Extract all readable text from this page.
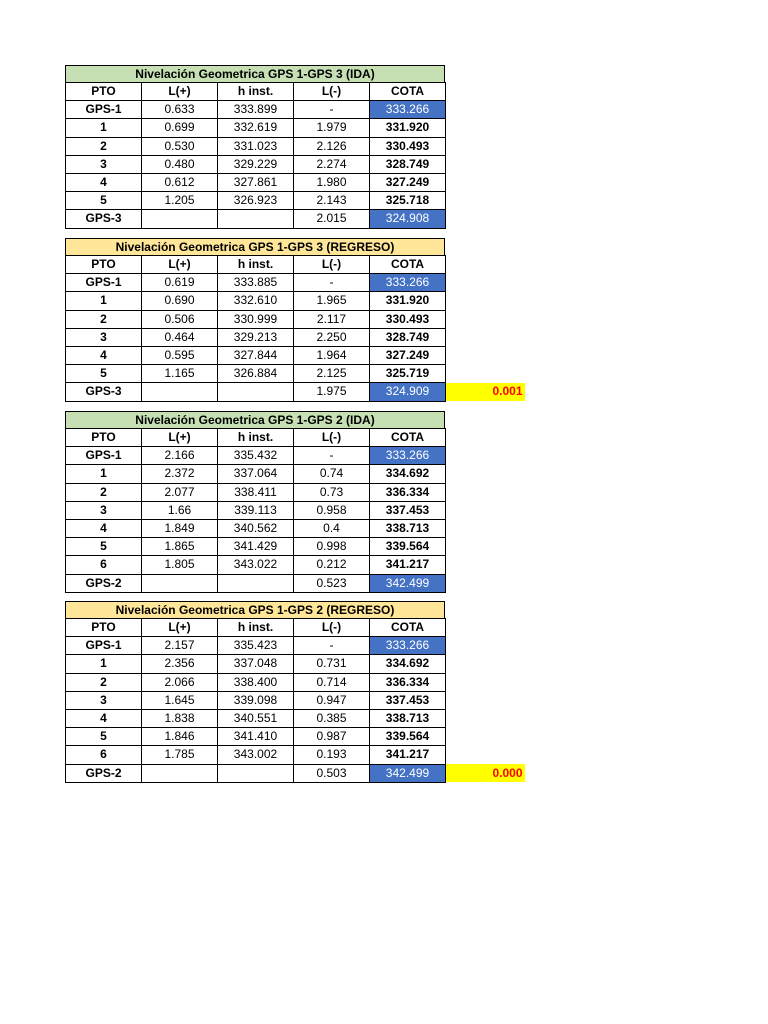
Nivelación Geometrica GPS 1-GPS 3 (IDA)
PTO	L(+)	h inst.	L(-)	COTA	
GPS-1	0.633	333.899	-	333.266	
1	0.699	332.619	1.979	331.920	
2	0.530	331.023	2.126	330.493	
3	0.480	329.229	2.274	328.749	
4	0.612	327.861	1.980	327.249	
5	1.205	326.923	2.143	325.718	
GPS-3			2.015	324.908	
Nivelación Geometrica GPS 1-GPS 3 (REGRESO)
PTO	L(+)	h inst.	L(-)	COTA	
GPS-1	0.619	333.885	-	333.266	
1	0.690	332.610	1.965	331.920	
2	0.506	330.999	2.117	330.493	
3	0.464	329.213	2.250	328.749	
4	0.595	327.844	1.964	327.249	
5	1.165	326.884	2.125	325.719	
GPS-3			1.975	324.909	0.001
Nivelación Geometrica GPS 1-GPS 2 (IDA)
PTO	L(+)	h inst.	L(-)	COTA	
GPS-1	2.166	335.432	-	333.266	
1	2.372	337.064	0.74	334.692	
2	2.077	338.411	0.73	336.334	
3	1.66	339.113	0.958	337.453	
4	1.849	340.562	0.4	338.713	
5	1.865	341.429	0.998	339.564	
6	1.805	343.022	0.212	341.217	
GPS-2			0.523	342.499	
Nivelación Geometrica GPS 1-GPS 2 (REGRESO)
PTO	L(+)	h inst.	L(-)	COTA	
GPS-1	2.157	335.423	-	333.266	
1	2.356	337.048	0.731	334.692	
2	2.066	338.400	0.714	336.334	
3	1.645	339.098	0.947	337.453	
4	1.838	340.551	0.385	338.713	
5	1.846	341.410	0.987	339.564	
6	1.785	343.002	0.193	341.217	
GPS-2			0.503	342.499	0.000
